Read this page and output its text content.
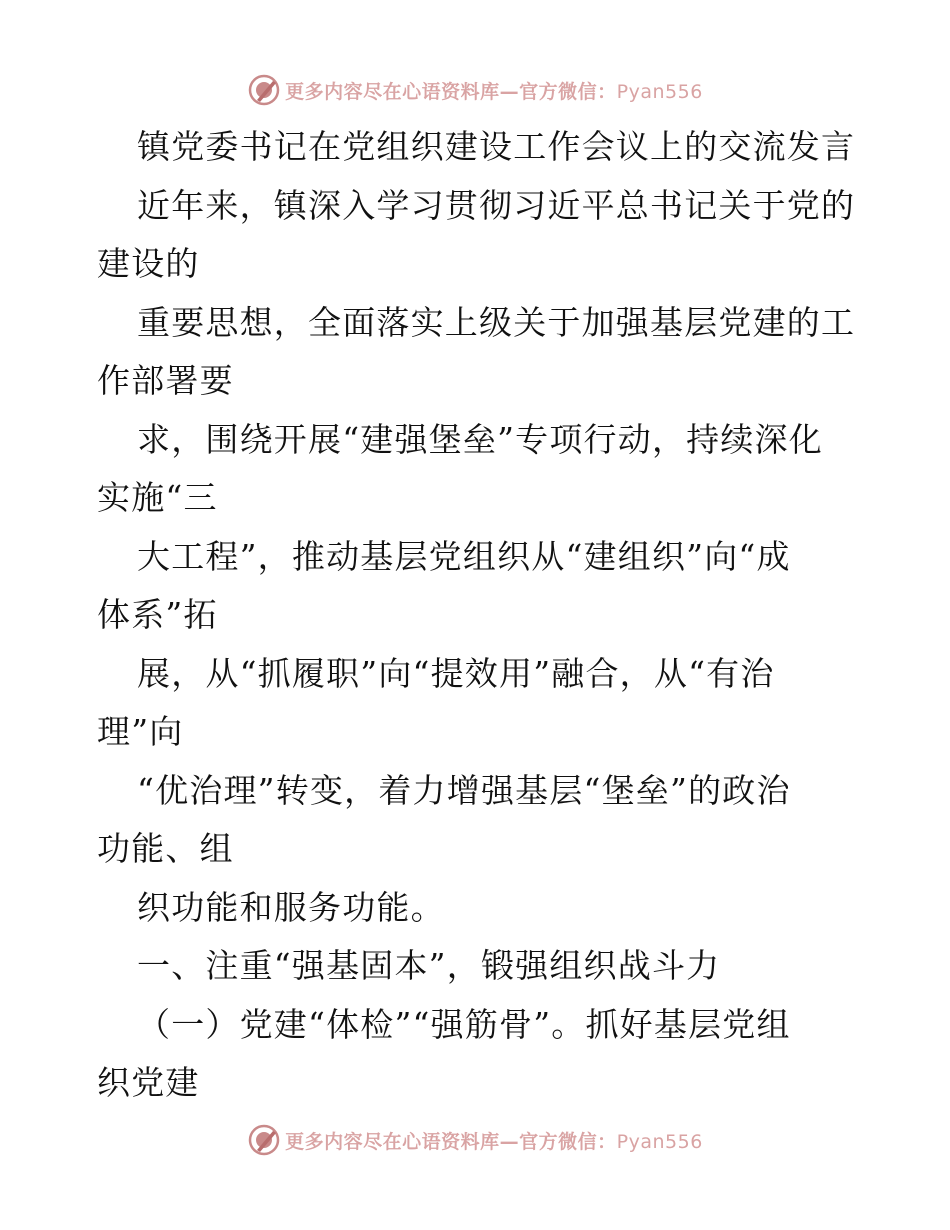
更多内容尽在心语资料库—官方微信：Pyan556
镇党委书记在党组织建设工作会议上的交流发言
近年来，镇深入学习贯彻习近平总书记关于党的
建设的
重要思想，全面落实上级关于加强基层党建的工
作部署要
求，围绕开展“建强堡垒”专项行动，持续深化
实施“三
大工程”，推动基层党组织从“建组织”向“成
体系”拓
展，从“抓履职”向“提效用”融合，从“有治
理”向
“优治理”转变，着力增强基层“堡垒”的政治
功能、组
织功能和服务功能。
一、注重“强基固本”，锻强组织战斗力
（一）党建“体检”“强筋骨”。抓好基层党组
织党建
更多内容尽在心语资料库—官方微信：Pyan556
